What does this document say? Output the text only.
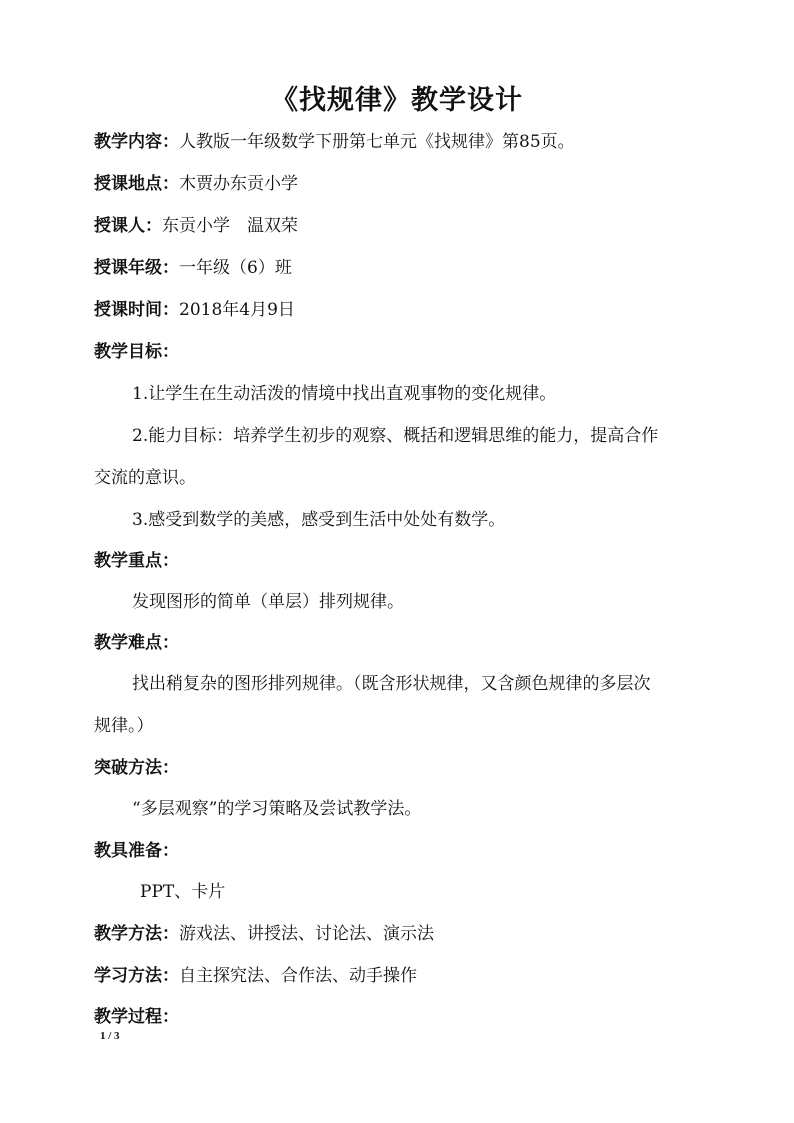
《找规律》教学设计
教学内容：人教版一年级数学下册第七单元《找规律》第85页。
授课地点：木贾办东贡小学
授课人：东贡小学　温双荣
授课年级：一年级（6）班
授课时间：2018年4月9日
教学目标：
1.让学生在生动活泼的情境中找出直观事物的变化规律。
2.能力目标：培养学生初步的观察、概括和逻辑思维的能力，提高合作
交流的意识。
3.感受到数学的美感，感受到生活中处处有数学。
教学重点：
发现图形的简单（单层）排列规律。
教学难点：
找出稍复杂的图形排列规律。（既含形状规律，又含颜色规律的多层次
规律。）
突破方法：
“多层观察”的学习策略及尝试教学法。
教具准备：
PPT、卡片
教学方法：游戏法、讲授法、讨论法、演示法
学习方法：自主探究法、合作法、动手操作
教学过程：
1 / 3
